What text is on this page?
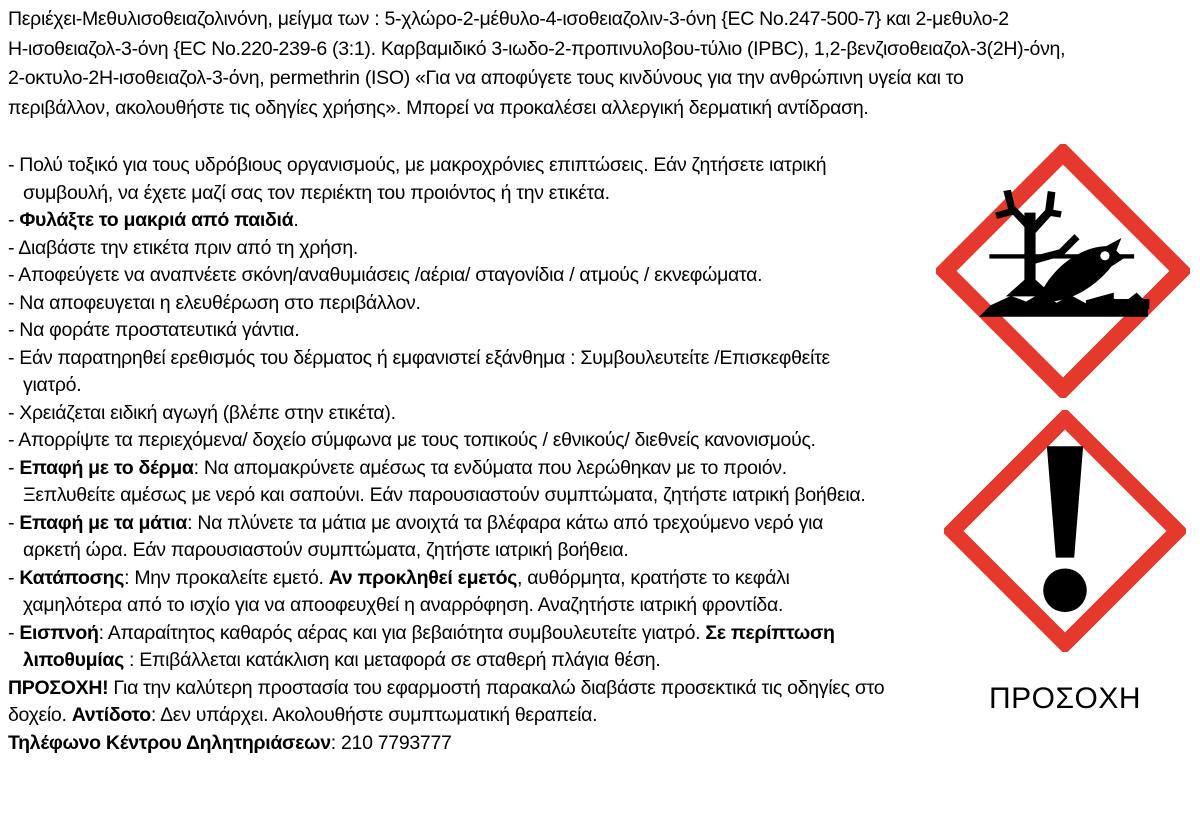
Περιέχει-Μεθυλισοθειαζολινόνη, μείγμα των : 5-χλώρο-2-μέθυλο-4-ισοθειαζολιν-3-όνη {EC No.247-500-7} και 2-μεθυλο-2
Η-ισοθειαζολ-3-όνη {EC No.220-239-6 (3:1). Καρβαμιδικό 3-ιωδο-2-προπινυλοβου-τύλιο (IPBC), 1,2-βενζισοθειαζολ-3(2Η)-όνη,
2-οκτυλο-2Η-ισοθειαζολ-3-όνη, permethrin (ISO) «Για να αποφύγετε τους κινδύνους για την ανθρώπινη υγεία και το
περιβάλλον, ακολουθήστε τις οδηγίες χρήσης». Μπορεί να προκαλέσει αλλεργική δερματική αντίδραση.
- Πολύ τοξικό για τους υδρόβιους οργανισμούς, με μακροχρόνιες επιπτώσεις. Εάν ζητήσετε ιατρική
συμβουλή, να έχετε μαζί σας τον περιέκτη του προιόντος ή την ετικέτα.
- Φυλάξτε το μακριά από παιδιά.
- Διαβάστε την ετικέτα πριν από τη χρήση.
- Αποφεύγετε να αναπνέετε σκόνη/αναθυμιάσεις /αέρια/ σταγονίδια / ατμούς / εκνεφώματα.
- Να αποφευγεται η ελευθέρωση στο περιβάλλον.
- Να φοράτε προστατευτικά γάντια.
- Εάν παρατηρηθεί ερεθισμός του δέρματος ή εμφανιστεί εξάνθημα : Συμβουλευτείτε /Επισκεφθείτε
γιατρό.
- Χρειάζεται ειδική αγωγή (βλέπε στην ετικέτα).
- Απορρίψτε τα περιεχόμενα/ δοχείο σύμφωνα με τους τοπικούς / εθνικούς/ διεθνείς κανονισμούς.
- Επαφή με το δέρμα: Να απομακρύνετε αμέσως τα ενδύματα που λερώθηκαν με το προιόν.
Ξεπλυθείτε αμέσως με νερό και σαπούνι. Εάν παρουσιαστούν συμπτώματα, ζητήστε ιατρική βοήθεια.
- Επαφή με τα μάτια: Να πλύνετε τα μάτια με ανοιχτά τα βλέφαρα κάτω από τρεχούμενο νερό για
αρκετή ώρα. Εάν παρουσιαστούν συμπτώματα, ζητήστε ιατρική βοήθεια.
- Κατάποσης: Μην προκαλείτε εμετό. Αν προκληθεί εμετός, αυθόρμητα, κρατήστε το κεφάλι
χαμηλότερα από το ισχίο για να αποοφευχθεί η αναρρόφηση. Αναζητήστε ιατρική φροντίδα.
- Εισπνοή: Απαραίτητος καθαρός αέρας και για βεβαιότητα συμβουλευτείτε γιατρό. Σε περίπτωση
λιποθυμίας : Επιβάλλεται κατάκλιση και μεταφορά σε σταθερή πλάγια θέση.
ΠΡΟΣΟΧΗ! Για την καλύτερη προστασία του εφαρμοστή παρακαλώ διαβάστε προσεκτικά τις οδηγίες στο
δοχείο. Αντίδοτο: Δεν υπάρχει. Ακολουθήστε συμπτωματική θεραπεία.
Τηλέφωνο Κέντρου Δηλητηριάσεων: 210 7793777
ΠΡΟΣΟΧΗ
